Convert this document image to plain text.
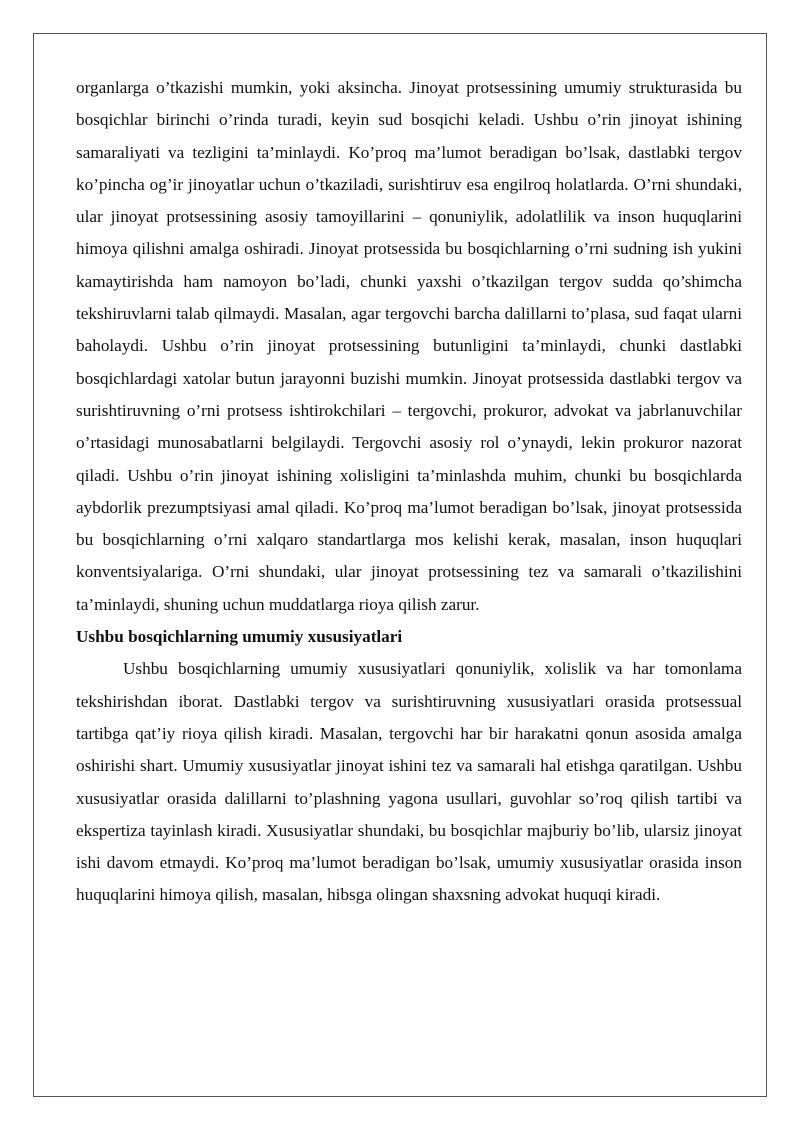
organlarga o’tkazishi mumkin, yoki aksincha. Jinoyat protsessining umumiy strukturasida bu bosqichlar birinchi o’rinda turadi, keyin sud bosqichi keladi. Ushbu o’rin jinoyat ishining samaraliyati va tezligini ta’minlaydi. Ko’proq ma’lumot beradigan bo’lsak, dastlabki tergov ko’pincha og’ir jinoyatlar uchun o’tkaziladi, surishtiruv esa engilroq holatlarda. O’rni shundaki, ular jinoyat protsessining asosiy tamoyillarini – qonuniylik, adolatlilik va inson huquqlarini himoya qilishni amalga oshiradi. Jinoyat protsessida bu bosqichlarning o’rni sudning ish yukini kamaytirishda ham namoyon bo’ladi, chunki yaxshi o’tkazilgan tergov sudda qo’shimcha tekshiruvlarni talab qilmaydi. Masalan, agar tergovchi barcha dalillarni to’plasa, sud faqat ularni baholaydi. Ushbu o’rin jinoyat protsessining butunligini ta’minlaydi, chunki dastlabki bosqichlardagi xatolar butun jarayonni buzishi mumkin. Jinoyat protsessida dastlabki tergov va surishtiruvning o’rni protsess ishtirokchilari – tergovchi, prokuror, advokat va jabrlanuvchilar o’rtasidagi munosabatlarni belgilaydi. Tergovchi asosiy rol o’ynaydi, lekin prokuror nazorat qiladi. Ushbu o’rin jinoyat ishining xolisligini ta’minlashda muhim, chunki bu bosqichlarda aybdorlik prezumptsiyasi amal qiladi. Ko’proq ma’lumot beradigan bo’lsak, jinoyat protsessida bu bosqichlarning o’rni xalqaro standartlarga mos kelishi kerak, masalan, inson huquqlari konventsiyalariga. O’rni shundaki, ular jinoyat protsessining tez va samarali o’tkazilishini ta’minlaydi, shuning uchun muddatlarga rioya qilish zarur.

Ushbu bosqichlarning umumiy xususiyatlari

Ushbu bosqichlarning umumiy xususiyatlari qonuniylik, xolislik va har tomonlama tekshirishdan iborat. Dastlabki tergov va surishtiruvning xususiyatlari orasida protsessual tartibga qat’iy rioya qilish kiradi. Masalan, tergovchi har bir harakatni qonun asosida amalga oshirishi shart. Umumiy xususiyatlar jinoyat ishini tez va samarali hal etishga qaratilgan. Ushbu xususiyatlar orasida dalillarni to’plashning yagona usullari, guvohlar so’roq qilish tartibi va ekspertiza tayinlash kiradi. Xususiyatlar shundaki, bu bosqichlar majburiy bo’lib, ularsiz jinoyat ishi davom etmaydi. Ko’proq ma’lumot beradigan bo’lsak, umumiy xususiyatlar orasida inson huquqlarini himoya qilish, masalan, hibsga olingan shaxsning advokat huquqi kiradi.
